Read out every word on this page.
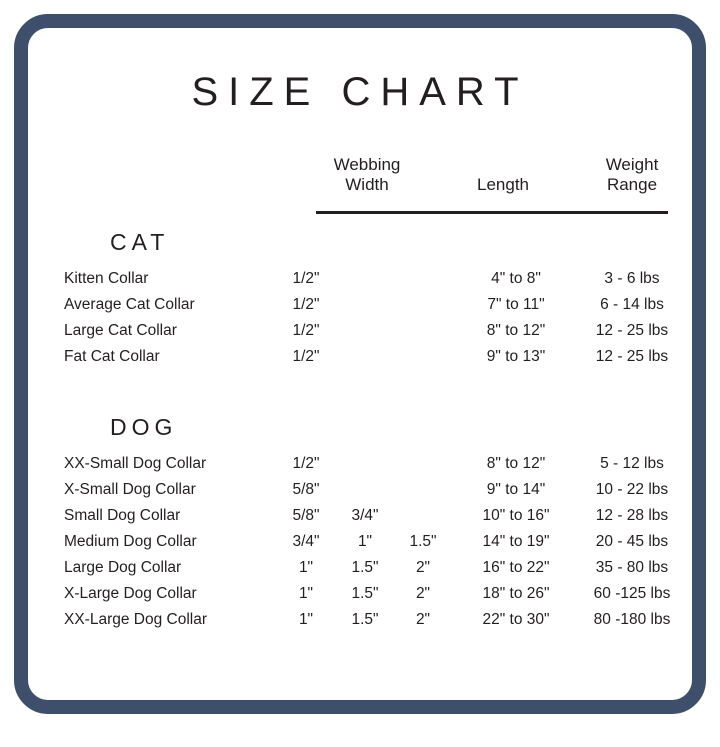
SIZE CHART
Webbing
Width	Length
Weight
Range
CAT
Kitten Collar	1/2"			4" to 8"	3 - 6 lbs
Average Cat Collar	1/2"			7" to 11"	6 - 14 lbs
Large Cat Collar	1/2"			8" to 12"	12 - 25 lbs
Fat Cat Collar	1/2"			9" to 13"	12 - 25 lbs
DOG
XX-Small Dog Collar	1/2"			8" to 12"	5 - 12 lbs
X-Small Dog Collar	5/8"			9" to 14"	10 - 22 lbs
Small Dog Collar	5/8"	3/4"		10" to 16"	12 - 28 lbs
Medium Dog Collar	3/4"	1"	1.5"	14" to 19"	20 - 45 lbs
Large Dog Collar	1"	1.5"	2"	16" to 22"	35 - 80 lbs
X-Large Dog Collar	1"	1.5"	2"	18" to 26"	60 -125 lbs
XX-Large Dog Collar	1"	1.5"	2"	22" to 30"	80 -180 lbs
